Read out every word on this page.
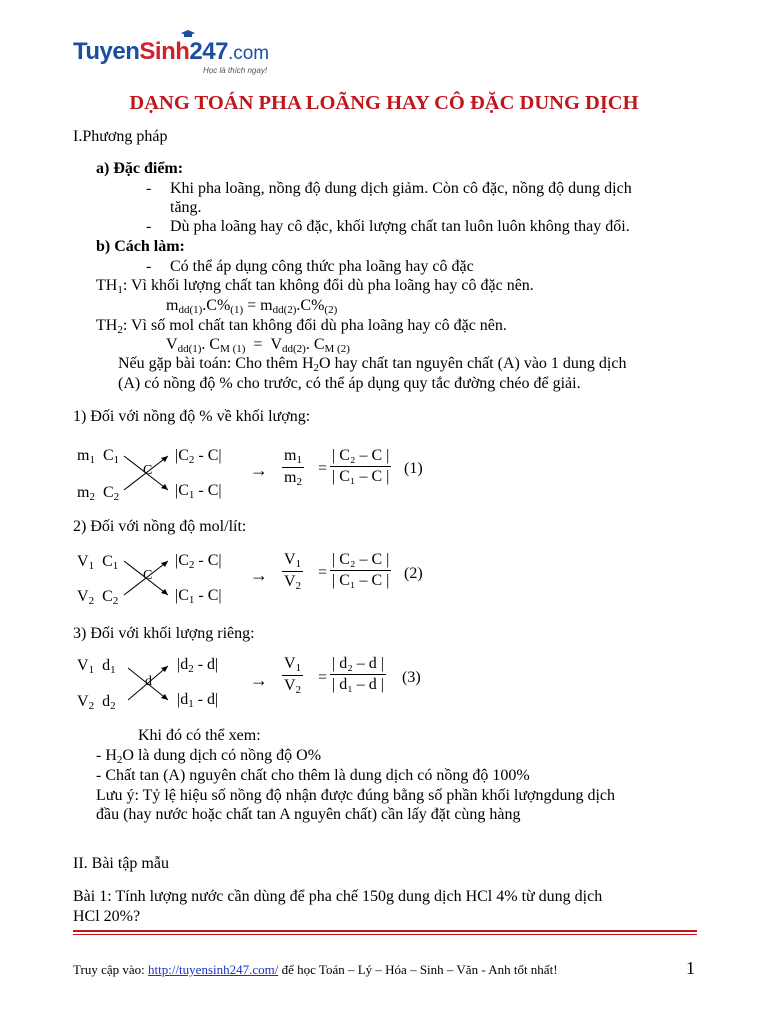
TuyenSinh247.com
Học là thích ngay!
DẠNG TOÁN PHA LOÃNG HAY CÔ ĐẶC DUNG DỊCH
I.Phương pháp
a) Đặc điểm:
- Khi pha loãng, nồng độ dung dịch giảm. Còn cô đặc, nồng độ dung dịch
tăng.
- Dù pha loãng hay cô đặc, khối lượng chất tan luôn luôn không thay đổi.
b) Cách làm:
- Có thể áp dụng công thức pha loãng hay cô đặc
$TH_1$: Vì khối lượng chất tan không đổi dù pha loãng hay cô đặc nên.
$m_{dd(1)}.C\%_{(1)} = m_{dd(2)}.C\%_{(2)}$
$TH_2$: Vì số mol chất tan không đổi dù pha loãng hay cô đặc nên.
$V_{dd(1)}$. $C_{M (1)} = V_{dd(2)}$. $C_{M (2)}$
Nếu gặp bài toán: Cho thêm $H_2O$ hay chất tan nguyên chất (A) vào 1 dung dịch
(A) có nồng độ % cho trước, có thể áp dụng quy tắc đường chéo để giải.
1) Đối với nồng độ % về khối lượng:
$m_1$  $C_1$
$m_2$  $C_2$
C
$|C_2 - C|$
$|C_1 - C|$
→ $\frac{m_1}{m_2} = \frac{\text{| C₂ – C |}}{\text{| C₁ – C |}} (1)$
2) Đối với nồng độ mol/lít:
$V_1$  $C_1$
$V_2$  $C_2$
C
$|C_2 - C|$
$|C_1 - C|$
→ $\frac{V_1}{V_2} = \frac{\text{| C₂ – C |}}{\text{| C₁ – C |}} (2)$
3) Đối với khối lượng riêng:
$V_1$  $d_1$
$V_2$  $d_2$
d
$|d_2 - d|$
$|d_1 - d|$
→ $\frac{V_1}{V_2} = \frac{\text{| d₂ – d |}}{\text{| d₁ – d |}} (3)$
Khi đó có thể xem:
- $H_2O$ là dung dịch có nồng độ O%
- Chất tan (A) nguyên chất cho thêm là dung dịch có nồng độ 100%
Lưu ý: Tỷ lệ hiệu số nồng độ nhận được đúng bằng số phần khối lượngdung dịch
đầu (hay nước hoặc chất tan A nguyên chất) cần lấy đặt cùng hàng
II. Bài tập mẫu
Bài 1: Tính lượng nước cần dùng để pha chế 150g dung dịch HCl 4% từ dung dịch
HCl 20%?
Truy cập vào: http://tuyensinh247.com/ để học Toán – Lý – Hóa – Sinh – Văn - Anh tốt nhất!	1
